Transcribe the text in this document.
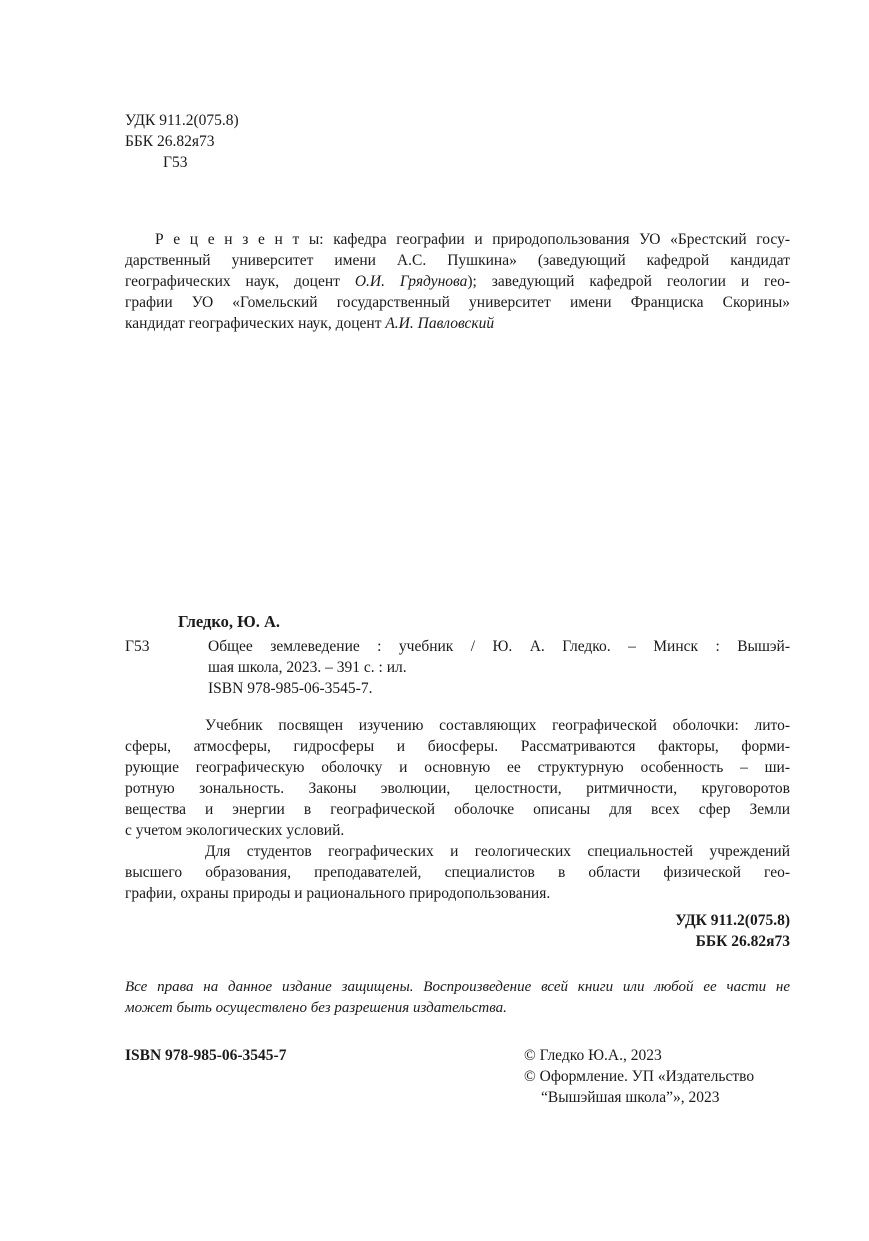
УДК 911.2(075.8)
ББК 26.82я73
Г53
Р е ц е н з е н т ы: кафедра географии и природопользования УО «Брестский госу-
дарственный университет имени А.С. Пушкина» (заведующий кафедрой кандидат
географических наук, доцент О.И. Грядунова); заведующий кафедрой геологии и гео-
графии УО «Гомельский государственный университет имени Франциска Скорины»
кандидат географических наук, доцент А.И. Павловский
Гледко, Ю. А.
Г53	Общее землеведение : учебник / Ю. А. Гледко. – Минск : Вышэй-
шая школа, 2023. – 391 с. : ил.
ISBN 978-985-06-3545-7.
Учебник посвящен изучению составляющих географической оболочки: лито-
сферы, атмосферы, гидросферы и биосферы. Рассматриваются факторы, форми-
рующие географическую оболочку и основную ее структурную особенность – ши-
ротную зональность. Законы эволюции, целостности, ритмичности, круговоротов
вещества и энергии в географической оболочке описаны для всех сфер Земли
с учетом экологических условий.
Для студентов географических и геологических специальностей учреждений
высшего образования, преподавателей, специалистов в области физической гео-
графии, охраны природы и рационального природопользования.
УДК 911.2(075.8)
ББК 26.82я73
Все права на данное издание защищены. Воспроизведение всей книги или любой ее части не
может быть осуществлено без разрешения издательства.
ISBN 978-985-06-3545-7	© Гледко Ю.А., 2023
© Оформление. УП «Издательство
“Вышэйшая школа”», 2023
